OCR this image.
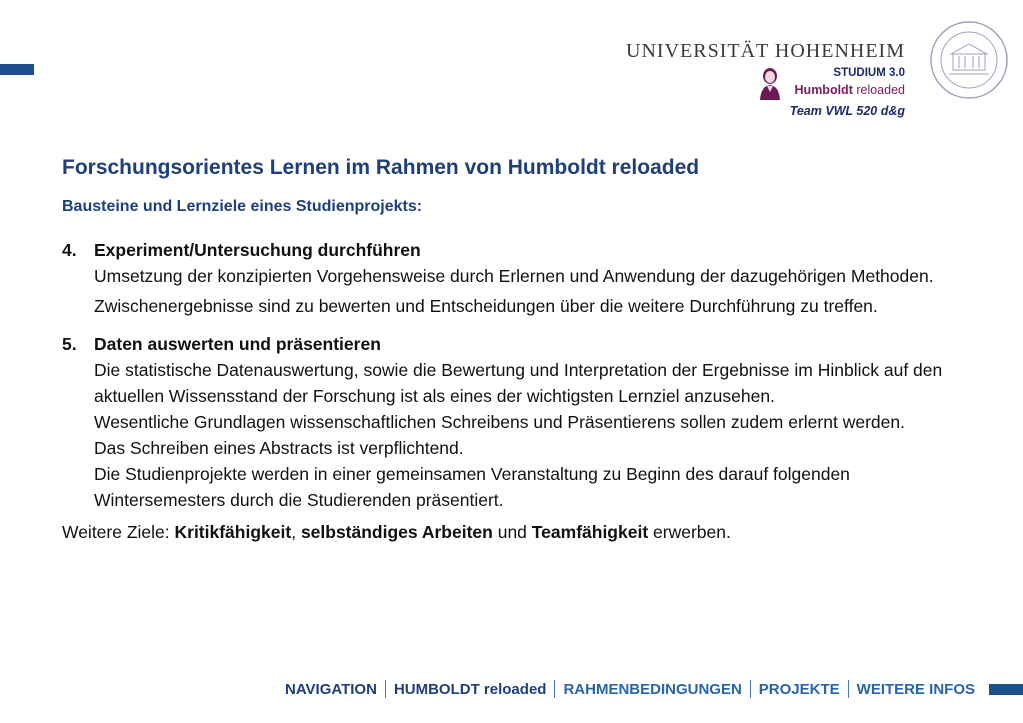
UNIVERSITÄT HOHENHEIM
STUDIUM 3.0
Humboldt reloaded
Team VWL 520 d&g
Forschungsorientes Lernen im Rahmen von Humboldt reloaded
Bausteine und Lernziele eines Studienprojekts:
4. Experiment/Untersuchung durchführen
Umsetzung der konzipierten Vorgehensweise durch Erlernen und Anwendung der dazugehörigen Methoden.
Zwischenergebnisse sind zu bewerten und Entscheidungen über die weitere Durchführung zu treffen.
5. Daten auswerten und präsentieren
Die statistische Datenauswertung, sowie die Bewertung und Interpretation der Ergebnisse im Hinblick auf den aktuellen Wissensstand der Forschung ist als eines der wichtigsten Lernziel anzusehen.
Wesentliche Grundlagen wissenschaftlichen Schreibens und Präsentierens sollen zudem erlernt werden.
Das Schreiben eines Abstracts ist verpflichtend.
Die Studienprojekte werden in einer gemeinsamen Veranstaltung zu Beginn des darauf folgenden Wintersemesters durch die Studierenden präsentiert.
Weitere Ziele: Kritikfähigkeit, selbständiges Arbeiten und Teamfähigkeit erwerben.
NAVIGATION	HUMBOLDT reloaded	RAHMENBEDINGUNGEN	PROJEKTE	WEITERE INFOS
